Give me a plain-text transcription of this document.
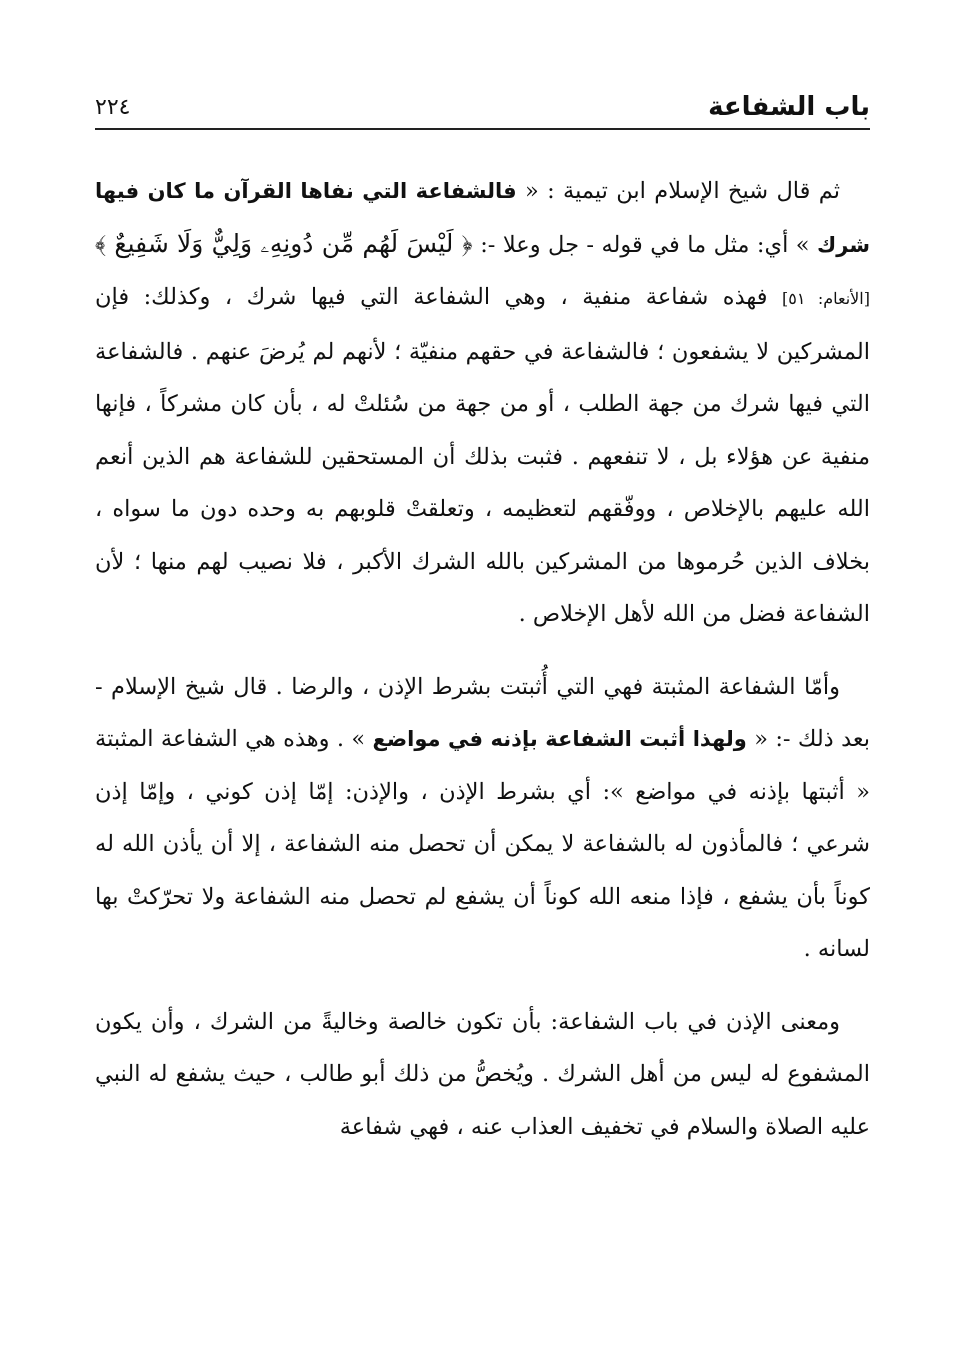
باب الشفاعة
٢٢٤

ثم قال شيخ الإسلام ابن تيمية : « فالشفاعة التي نفاها القرآن ما كان فيها شرك » أي: مثل ما في قوله - جل وعلا -: ﴿ لَيْسَ لَهُم مِّن دُونِهِۦ وَلِيٌّ وَلَا شَفِيعٌ ﴾[الأنعام: ٥١] فهذه شفاعة منفية ، وهي الشفاعة التي فيها شرك ، وكذلك: فإن المشركين لا يشفعون ؛ فالشفاعة في حقهم منفيّة ؛ لأنهم لم يُرضَ عنهم . فالشفاعة التي فيها شرك من جهة الطلب ، أو من جهة من سُئلتْ له ، بأن كان مشركاً ، فإنها منفية عن هؤلاء بل ، لا تنفعهم . فثبت بذلك أن المستحقين للشفاعة هم الذين أنعم الله عليهم بالإخلاص ، ووفّقهم لتعظيمه ، وتعلقتْ قلوبهم به وحده دون ما سواه ، بخلاف الذين حُرموها من المشركين بالله الشرك الأكبر ، فلا نصيب لهم منها ؛ لأن الشفاعة فضل من الله لأهل الإخلاص .

وأمّا الشفاعة المثبتة فهي التي أُثبتت بشرط الإذن ، والرضا . قال شيخ الإسلام - بعد ذلك -: « ولهذا أثبت الشفاعة بإذنه في مواضع » . وهذه هي الشفاعة المثبتة « أثبتها بإذنه في مواضع »: أي بشرط الإذن ، والإذن: إمّا إذن كوني ، وإمّا إذن شرعي ؛ فالمأذون له بالشفاعة لا يمكن أن تحصل منه الشفاعة ، إلا أن يأذن الله له كوناً بأن يشفع ، فإذا منعه الله كوناً أن يشفع لم تحصل منه الشفاعة ولا تحرّكتْ بها لسانه .

ومعنى الإذن في باب الشفاعة: بأن تكون خالصة وخاليةً من الشرك ، وأن يكون المشفوع له ليس من أهل الشرك . ويُخصُّ من ذلك أبو طالب ، حيث يشفع له النبي عليه الصلاة والسلام في تخفيف العذاب عنه ، فهي شفاعة
